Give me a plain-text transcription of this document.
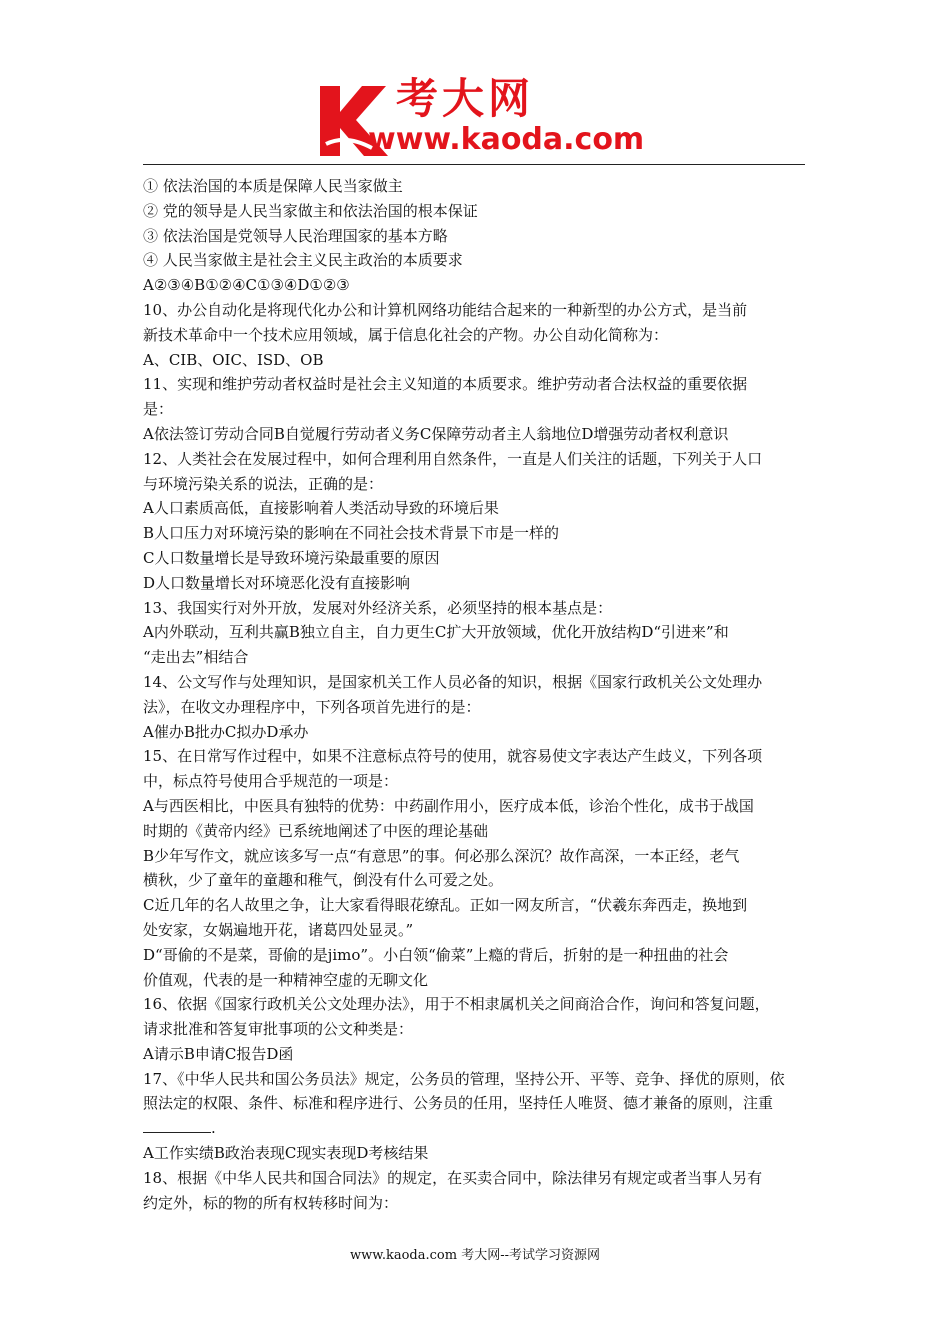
考大网
www.kaoda.com
① 依法治国的本质是保障人民当家做主
② 党的领导是人民当家做主和依法治国的根本保证
③ 依法治国是党领导人民治理国家的基本方略
④ 人民当家做主是社会主义民主政治的本质要求
A②③④B①②④C①③④D①②③
10、办公自动化是将现代化办公和计算机网络功能结合起来的一种新型的办公方式，是当前
新技术革命中一个技术应用领域，属于信息化社会的产物。办公自动化简称为：
A、CIB、OIC、ISD、OB
11、实现和维护劳动者权益时是社会主义知道的本质要求。维护劳动者合法权益的重要依据
是：
A依法签订劳动合同B自觉履行劳动者义务C保障劳动者主人翁地位D增强劳动者权利意识
12、人类社会在发展过程中，如何合理利用自然条件，一直是人们关注的话题，下列关于人口
与环境污染关系的说法，正确的是：
A人口素质高低，直接影响着人类活动导致的环境后果
B人口压力对环境污染的影响在不同社会技术背景下市是一样的
C人口数量增长是导致环境污染最重要的原因
D人口数量增长对环境恶化没有直接影响
13、我国实行对外开放，发展对外经济关系，必须坚持的根本基点是：
A内外联动，互利共赢B独立自主，自力更生C扩大开放领域，优化开放结构D“引进来”和
“走出去”相结合
14、公文写作与处理知识，是国家机关工作人员必备的知识，根据《国家行政机关公文处理办
法》，在收文办理程序中，下列各项首先进行的是：
A催办B批办C拟办D承办
15、在日常写作过程中，如果不注意标点符号的使用，就容易使文字表达产生歧义，下列各项
中，标点符号使用合乎规范的一项是：
A与西医相比，中医具有独特的优势：中药副作用小，医疗成本低，诊治个性化，成书于战国
时期的《黄帝内经》已系统地阐述了中医的理论基础
B少年写作文，就应该多写一点“有意思”的事。何必那么深沉？故作高深，一本正经，老气
横秋，少了童年的童趣和稚气，倒没有什么可爱之处。
C近几年的名人故里之争，让大家看得眼花缭乱。正如一网友所言，“伏羲东奔西走，换地到
处安家，女娲遍地开花，诸葛四处显灵。”
D“哥偷的不是菜，哥偷的是jimo”。小白领“偷菜”上瘾的背后，折射的是一种扭曲的社会
价值观，代表的是一种精神空虚的无聊文化
16、依据《国家行政机关公文处理办法》，用于不相隶属机关之间商洽合作，询问和答复问题，
请求批准和答复审批事项的公文种类是：
A请示B申请C报告D函
17、《中华人民共和国公务员法》规定，公务员的管理，坚持公开、平等、竞争、择优的原则，依
照法定的权限、条件、标准和程序进行、公务员的任用，坚持任人唯贤、德才兼备的原则，注重
.
A工作实绩B政治表现C现实表现D考核结果
18、根据《中华人民共和国合同法》的规定，在买卖合同中，除法律另有规定或者当事人另有
约定外，标的物的所有权转移时间为：
www.kaoda.com 考大网--考试学习资源网
